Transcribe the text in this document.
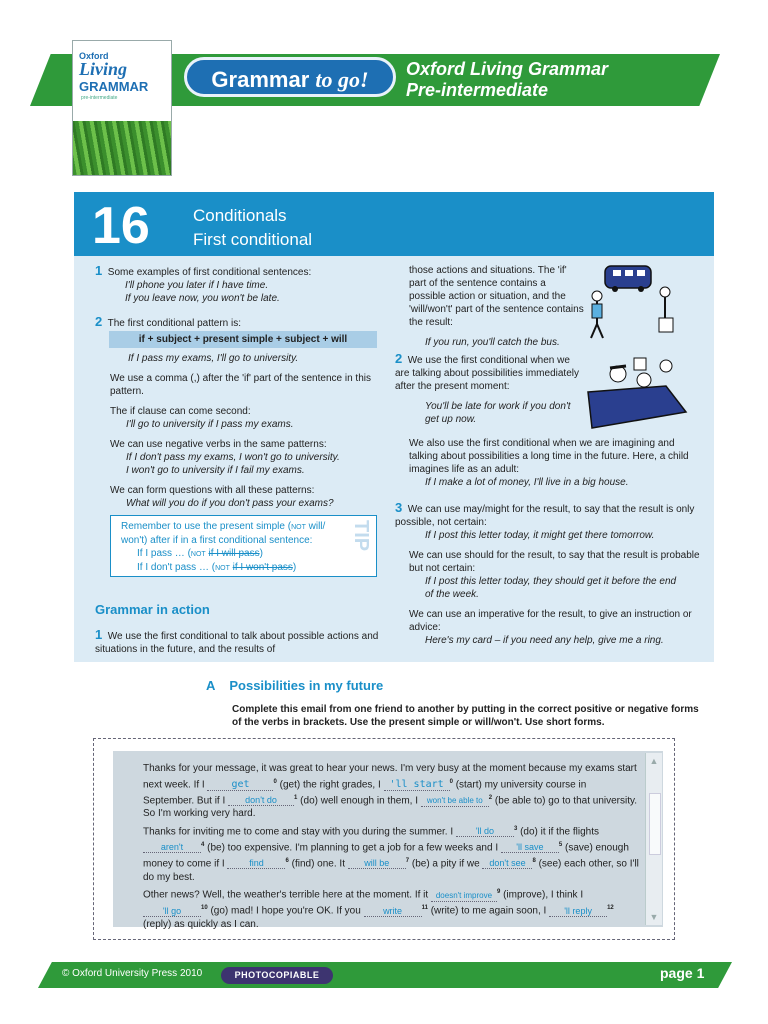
Oxford
Living
GRAMMAR
pre-intermediate
Grammar to go!	Oxford Living Grammar
Pre-intermediate
16	Conditionals
First conditional

1 Some examples of first conditional sentences:
I'll phone you later if I have time.
If you leave now, you won't be late.

2 The first conditional pattern is:

if + subject + present simple + subject + will

If I pass my exams, I'll go to university.

We use a comma (,) after the 'if' part of the sentence in this pattern.

The if clause can come second:
I'll go to university if I pass my exams.

We can use negative verbs in the same patterns:
If I don't pass my exams, I won't go to university.
I won't go to university if I fail my exams.

We can form questions with all these patterns:
What will you do if you don't pass your exams?

Remember to use the present simple (NOT will/
won't) after if in a first conditional sentence:
If I pass … (NOT if I will pass)
If I don't pass … (NOT if I won't pass)
TIP
Grammar in action
1 We use the first conditional to talk about possible actions and situations in the future, and the results of

those actions and situations. The 'if' part of the sentence contains a possible action or situation, and the 'will/won't' part of the sentence contains the result:

If you run, you'll catch the bus.

2 We use the first conditional when we are talking about possibilities immediately after the present moment:

You'll be late for work if you don't get up now.

We also use the first conditional when we are imagining and talking about possibilities a long time in the future. Here, a child imagines life as an adult:
If I make a lot of money, I'll live in a big house.

3 We can use may/might for the result, to say that the result is only possible, not certain:
If I post this letter today, it might get there tomorrow.

We can use should for the result, to say that the result is probable but not certain:
If I post this letter today, they should get it before the end of the week.

We can use an imperative for the result, to give an instruction or advice:
Here's my card – if you need any help, give me a ring.

A Possibilities in my future
Complete this email from one friend to another by putting in the correct positive or negative forms of the verbs in brackets. Use the present simple or will/won't. Use short forms.

Thanks for your message, it was great to hear your news. I'm very busy at the moment because my exams start next week. If I	get	$^0$ (get) the right grades, I 'll start $^0$ (start) my university course in September. But if I don't do	$^1$ (do) well enough in them, I won't be able to $^2$ (be able to) go to that university. So I'm working very hard.

Thanks for inviting me to come and stay with you during the summer. I	'll do	$^3$ (do) it if the flights aren't	$^4$ (be) too expensive. I'm planning to get a job for a few weeks and I 'll save	$^5$ (save) enough money to come if I	find	$^6$ (find) one. It will be	$^7$ (be) a pity if we don't see $^8$ (see) each other, so I'll do my best.

Other news? Well, the weather's terrible here at the moment. If it doesn't improve $^9$ (improve), I think I 'll go	$^{10}$ (go) mad! I hope you're OK. If you write	$^{11}$ (write) to me again soon, I 'll reply	$^{12}$ (reply) as quickly as I can.

▲
▼
© Oxford University Press 2010	PHOTOCOPIABLE	page 1
